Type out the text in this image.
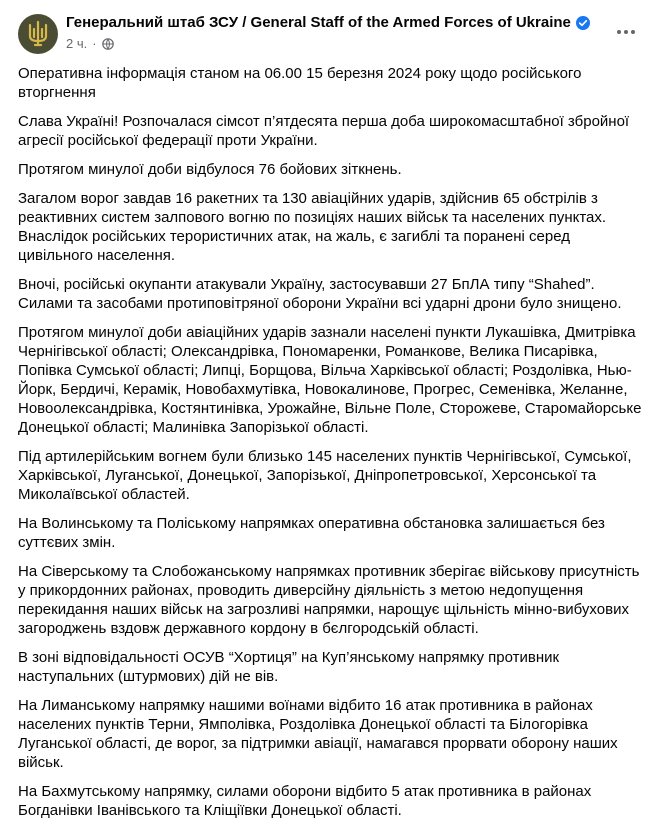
Генеральний штаб ЗСУ / General Staff of the Armed Forces of Ukraine
2 ч. ·

Оперативна інформація станом на 06.00 15 березня 2024 року щодо російського вторгнення

Слава Україні! Розпочалася сімсот п’ятдесята перша доба широкомасштабної збройної агресії російської федерації проти України.

Протягом минулої доби відбулося 76 бойових зіткнень.

Загалом ворог завдав 16 ракетних та 130 авіаційних ударів, здійснив 65 обстрілів з реактивних систем залпового вогню по позиціях наших військ та населених пунктах. Внаслідок російських терористичних атак, на жаль, є загиблі та поранені серед цивільного населення.

Вночі, російські окупанти атакували Україну, застосувавши 27 БпЛА типу “Shahed”. Силами та засобами протиповітряної оборони України всі ударні дрони було знищено.

Протягом минулої доби авіаційних ударів зазнали населені пункти Лукашівка, Дмитрівка Чернігівської області; Олександрівка, Пономаренки, Романкове, Велика Писарівка, Попівка Сумської області; Липці, Борщова, Вільча Харківської області; Роздолівка, Нью-Йорк, Бердичі, Керамік, Новобахмутівка, Новокалинове, Прогрес, Семенівка, Желанне, Новоолександрівка, Костянтинівка, Урожайне, Вільне Поле, Сторожеве, Старомайорське Донецької області; Малинівка Запорізької області.

Під артилерійським вогнем були близько 145 населених пунктів Чернігівської, Сумської, Харківської, Луганської, Донецької, Запорізької, Дніпропетровської, Херсонської та Миколаївської областей.

На Волинському та Поліському напрямках оперативна обстановка залишається без суттєвих змін.

На Сіверському та Слобожанському напрямках противник зберігає військову присутність у прикордонних районах, проводить диверсійну діяльність з метою недопущення перекидання наших військ на загрозливі напрямки, нарощує щільність мінно-вибухових загороджень вздовж державного кордону в бєлгородській області.

В зоні відповідальності ОСУВ “Хортиця” на Куп’янському напрямку противник наступальних (штурмових) дій не вів.

На Лиманському напрямку нашими воїнами відбито 16 атак противника в районах населених пунктів Терни, Ямполівка, Роздолівка Донецької області та Білогорівка Луганської області, де ворог, за підтримки авіації, намагався прорвати оборону наших військ.

На Бахмутському напрямку, силами оборони відбито 5 атак противника в районах Богданівки Іванівського та Кліщіївки Донецької області.
